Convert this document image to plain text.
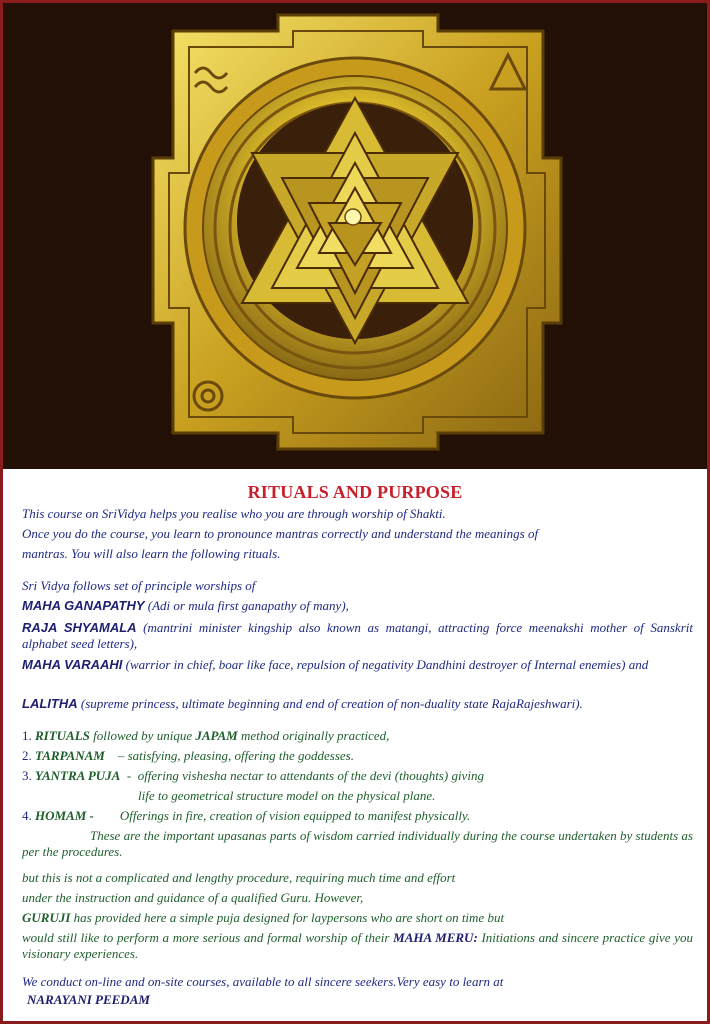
RITUALS AND PURPOSE
This course on SriVidya helps you realise who you are through worship of Shakti.
Once you do the course, you learn to pronounce mantras correctly and understand the meanings of
mantras. You will also learn the following rituals.
Sri Vidya follows set of principle worships of
MAHA GANAPATHY (Adi or mula first ganapathy of many),
RAJA SHYAMALA (mantrini minister kingship also known as matangi, attracting force meenakshi mother of Sanskrit alphabet seed letters),
MAHA VARAAHI (warrior in chief, boar like face, repulsion of negativity Dandhini destroyer of Internal enemies) and
LALITHA (supreme princess, ultimate beginning and end of creation of non-duality state RajaRajeshwari).
1. RITUALS followed by unique JAPAM method originally practiced,
2. TARPANAM    – satisfying, pleasing, offering the goddesses.
3. YANTRA PUJA  -  offering vishesha nectar to attendants of the devi (thoughts) giving
life to geometrical structure model on the physical plane.
4. HOMAM - Offerings in fire, creation of vision equipped to manifest physically.
These are the important upasanas parts of wisdom carried individually during the course undertaken by students as per the procedures.
but this is not a complicated and lengthy procedure, requiring much time and effort
under the instruction and guidance of a qualified Guru. However,
GURUJI has provided here a simple puja designed for laypersons who are short on time but
would still like to perform a more serious and formal worship of their MAHA MERU: Initiations and sincere practice give you visionary experiences.
We conduct on-line and on-site courses, available to all sincere seekers.Very easy to learn at
NARAYANI PEEDAM
